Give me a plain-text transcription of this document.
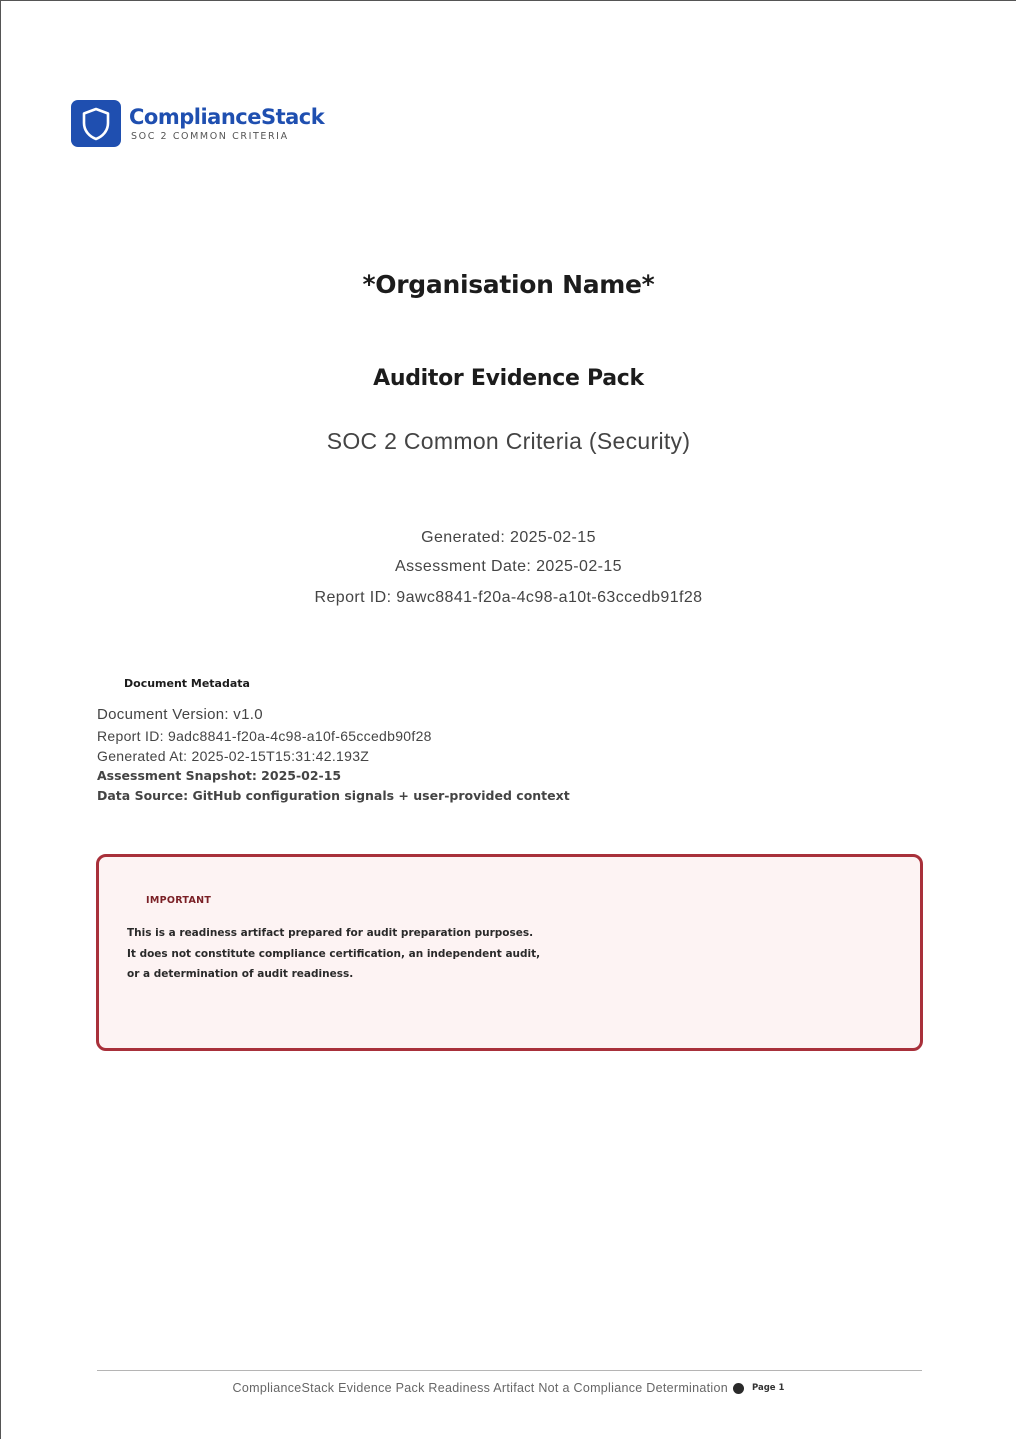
ComplianceStack
SOC 2 COMMON CRITERIA
*Organisation Name*
Auditor Evidence Pack
SOC 2 Common Criteria (Security)
Generated: 2025-02-15
Assessment Date: 2025-02-15
Report ID: 9awc8841-f20a-4c98-a10t-63ccedb91f28
Document Metadata
Document Version: v1.0
Report ID: 9adc8841-f20a-4c98-a10f-65ccedb90f28
Generated At: 2025-02-15T15:31:42.193Z
Assessment Snapshot: 2025-02-15
Data Source: GitHub configuration signals + user-provided context
IMPORTANT
This is a readiness artifact prepared for audit preparation purposes.
It does not constitute compliance certification, an independent audit,
or a determination of audit readiness.
ComplianceStack Evidence Pack Readiness Artifact Not a Compliance Determination	Page 1
